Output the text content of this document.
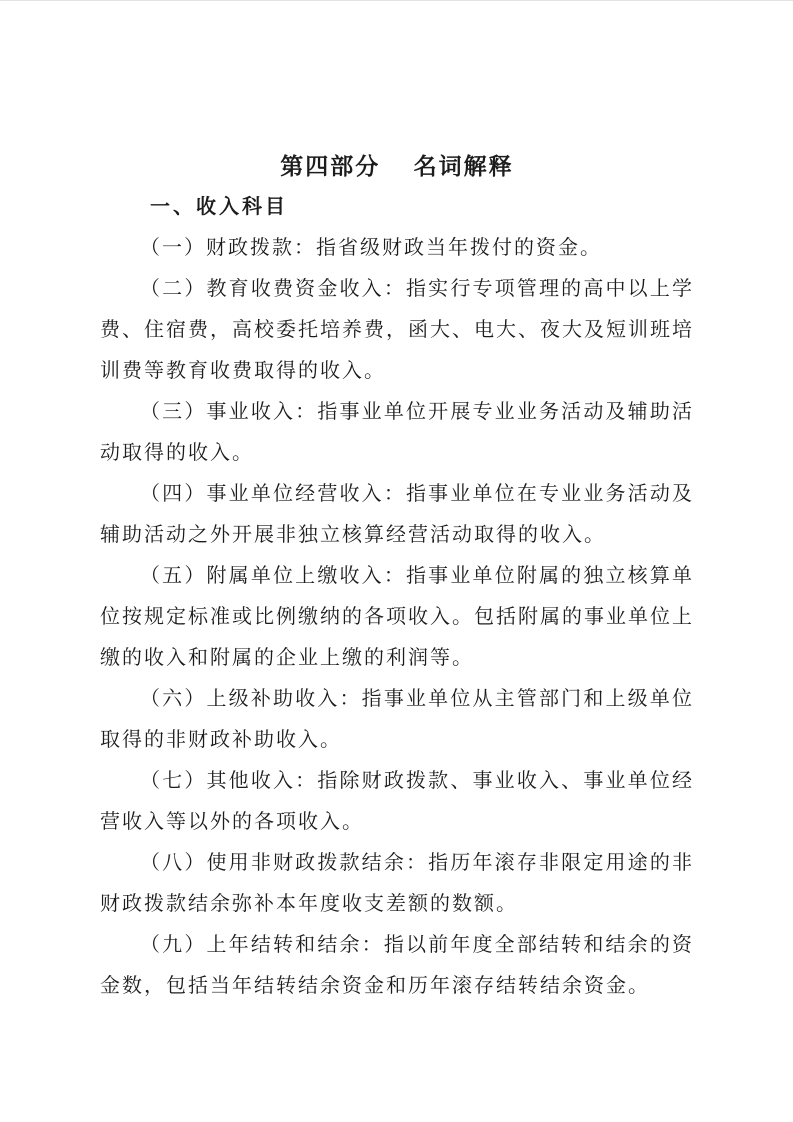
第四部分　 名词解释
一、收入科目

（一）财政拨款：指省级财政当年拨付的资金。

（二）教育收费资金收入：指实行专项管理的高中以上学费、住宿费，高校委托培养费，函大、电大、夜大及短训班培训费等教育收费取得的收入。

（三）事业收入：指事业单位开展专业业务活动及辅助活动取得的收入。

（四）事业单位经营收入：指事业单位在专业业务活动及辅助活动之外开展非独立核算经营活动取得的收入。

（五）附属单位上缴收入：指事业单位附属的独立核算单位按规定标准或比例缴纳的各项收入。包括附属的事业单位上缴的收入和附属的企业上缴的利润等。

（六）上级补助收入：指事业单位从主管部门和上级单位取得的非财政补助收入。

（七）其他收入：指除财政拨款、事业收入、事业单位经营收入等以外的各项收入。

（八）使用非财政拨款结余：指历年滚存非限定用途的非财政拨款结余弥补本年度收支差额的数额。

（九）上年结转和结余：指以前年度全部结转和结余的资金数，包括当年结转结余资金和历年滚存结转结余资金。
